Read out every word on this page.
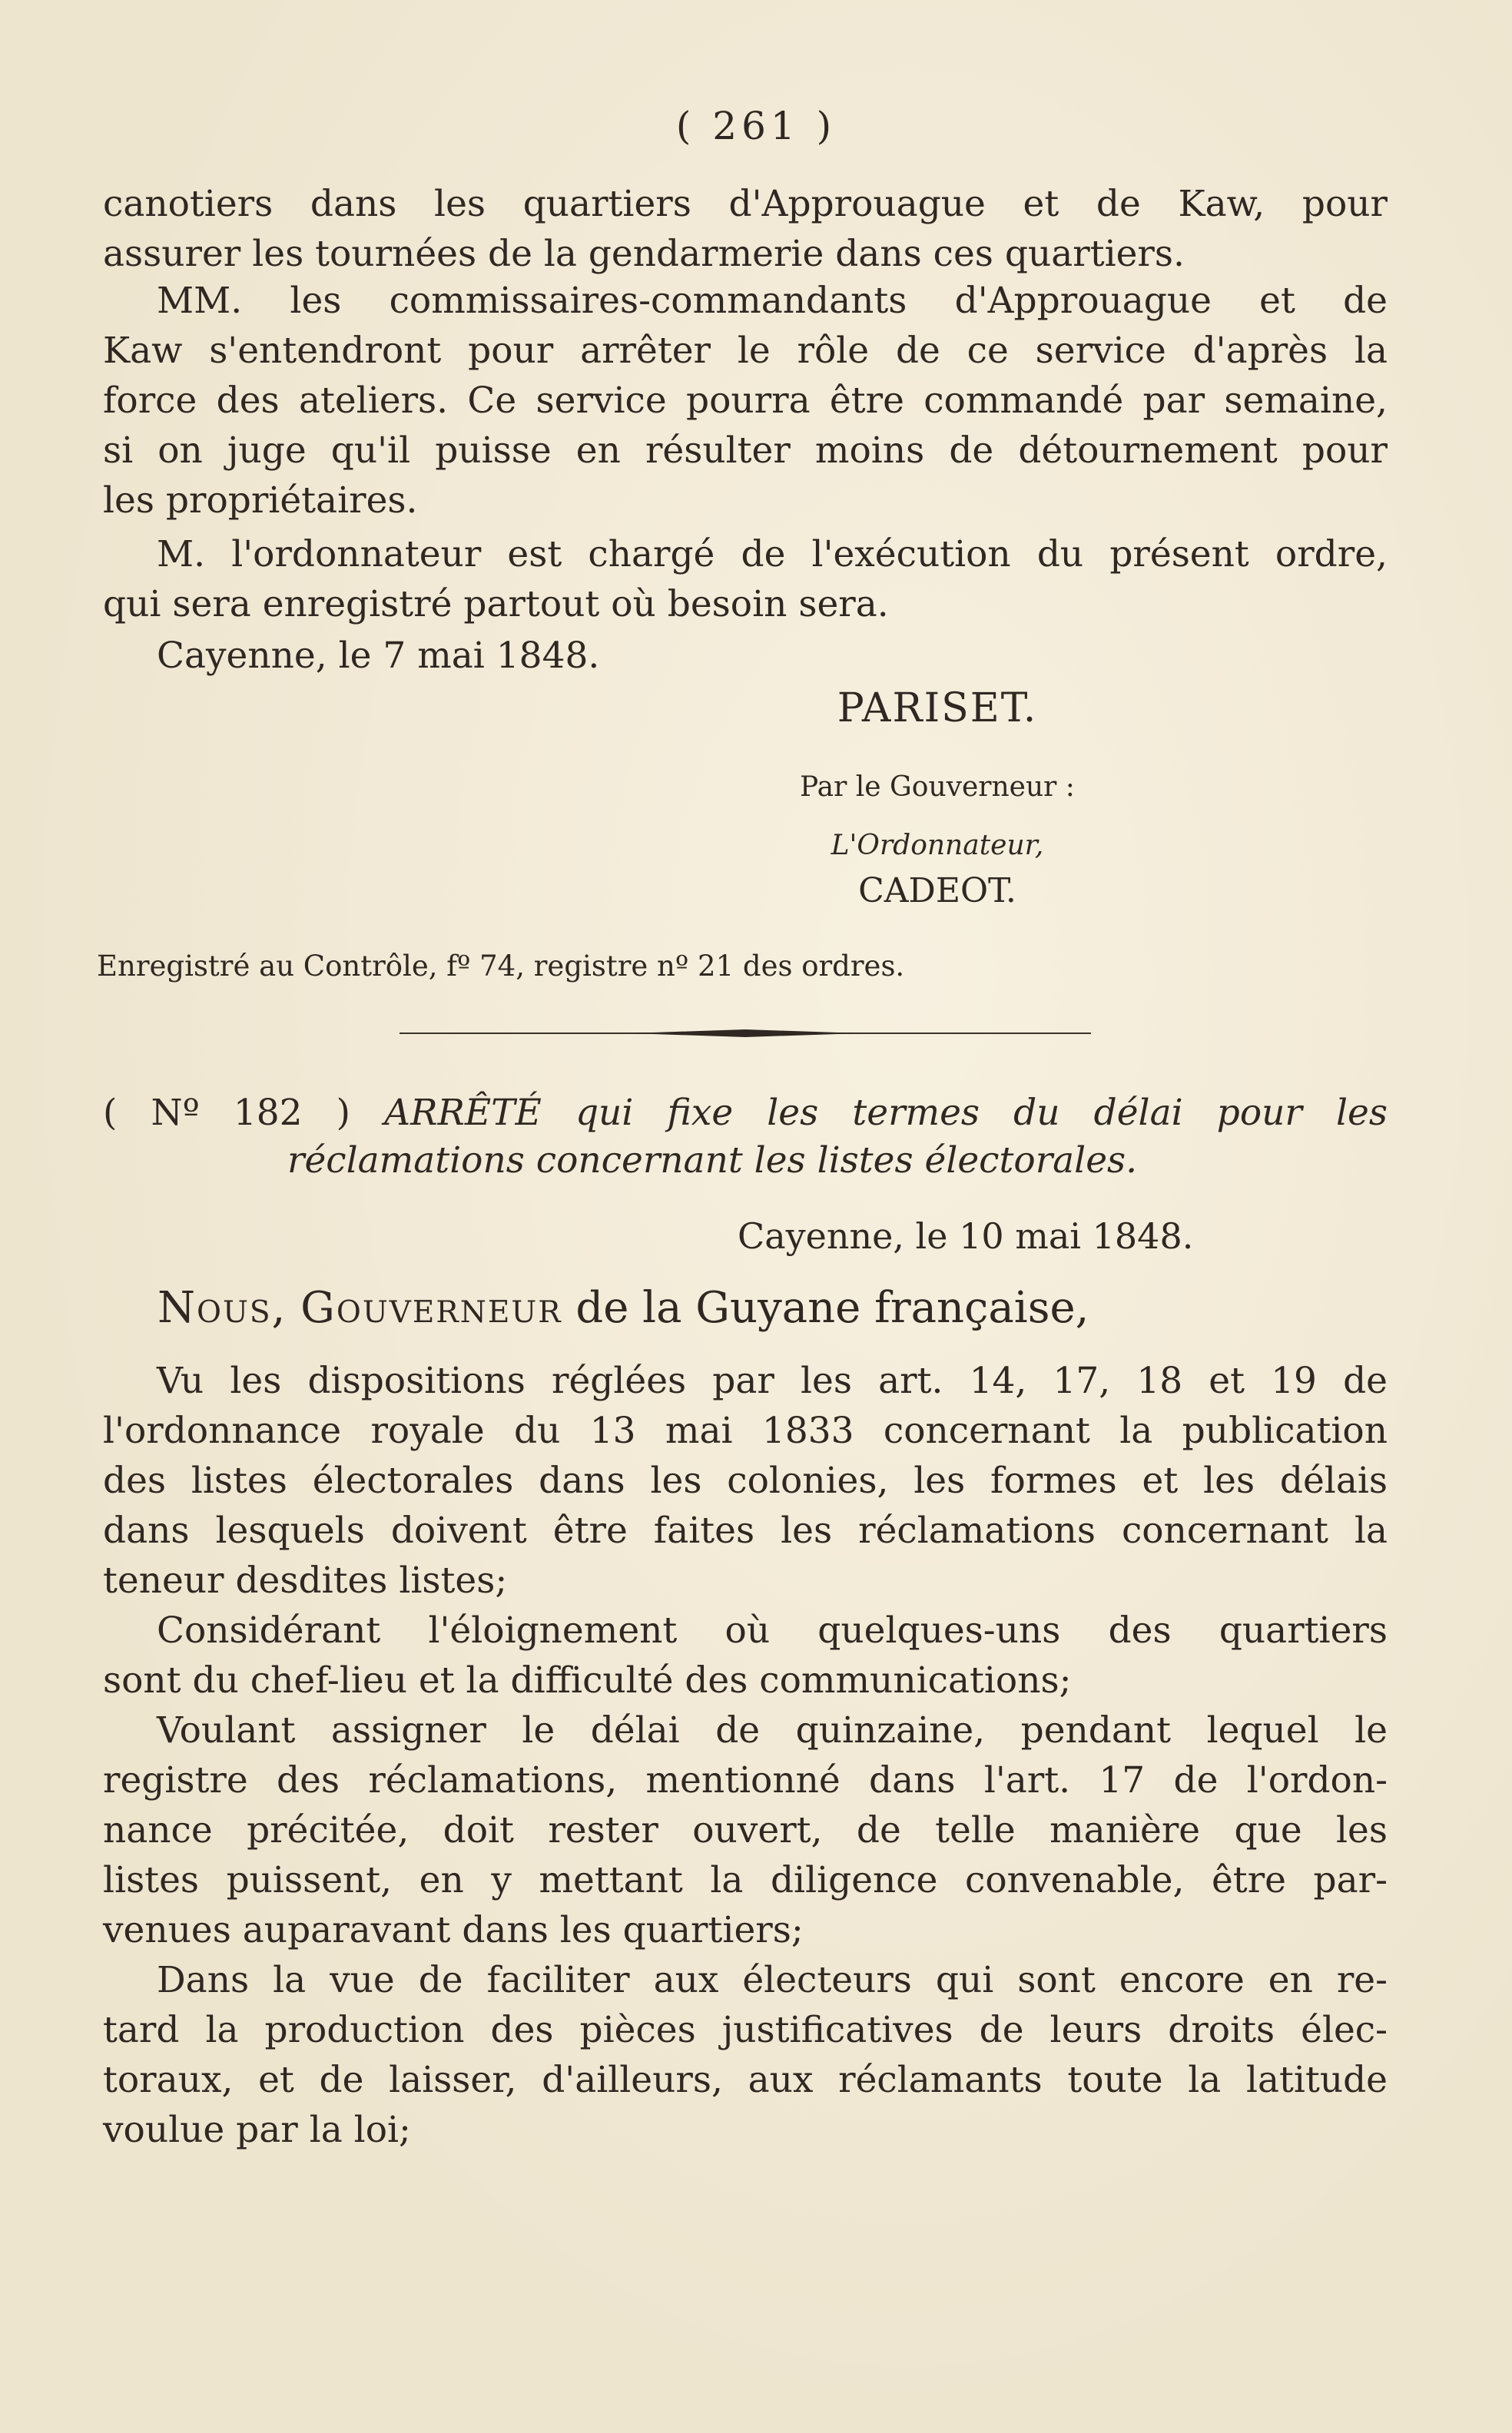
( 261 )
canotiers dans les quartiers d'Approuague et de Kaw, pour
assurer les tournées de la gendarmerie dans ces quartiers.
MM. les commissaires-commandants d'Approuague et de
Kaw s'entendront pour arrêter le rôle de ce service d'après la
force des ateliers. Ce service pourra être commandé par semaine,
si on juge qu'il puisse en résulter moins de détournement pour
les propriétaires.
M. l'ordonnateur est chargé de l'exécution du présent ordre,
qui sera enregistré partout où besoin sera.
Cayenne, le 7 mai 1848.
PARISET.
Par le Gouverneur :
L'Ordonnateur,
CADEOT.
Enregistré au Contrôle, fº 74, registre nº 21 des ordres.
( Nº 182 ) ARRÊTÉ qui fixe les termes du délai pour les
réclamations concernant les listes électorales.
Cayenne, le 10 mai 1848.
Nous, Gouverneur de la Guyane française,
Vu les dispositions réglées par les art. 14, 17, 18 et 19 de
l'ordonnance royale du 13 mai 1833 concernant la publication
des listes électorales dans les colonies, les formes et les délais
dans lesquels doivent être faites les réclamations concernant la
teneur desdites listes;
Considérant l'éloignement où quelques-uns des quartiers
sont du chef-lieu et la difficulté des communications;
Voulant assigner le délai de quinzaine, pendant lequel le
registre des réclamations, mentionné dans l'art. 17 de l'ordon-
nance précitée, doit rester ouvert, de telle manière que les
listes puissent, en y mettant la diligence convenable, être par-
venues auparavant dans les quartiers;
Dans la vue de faciliter aux électeurs qui sont encore en re-
tard la production des pièces justificatives de leurs droits élec-
toraux, et de laisser, d'ailleurs, aux réclamants toute la latitude
voulue par la loi;
